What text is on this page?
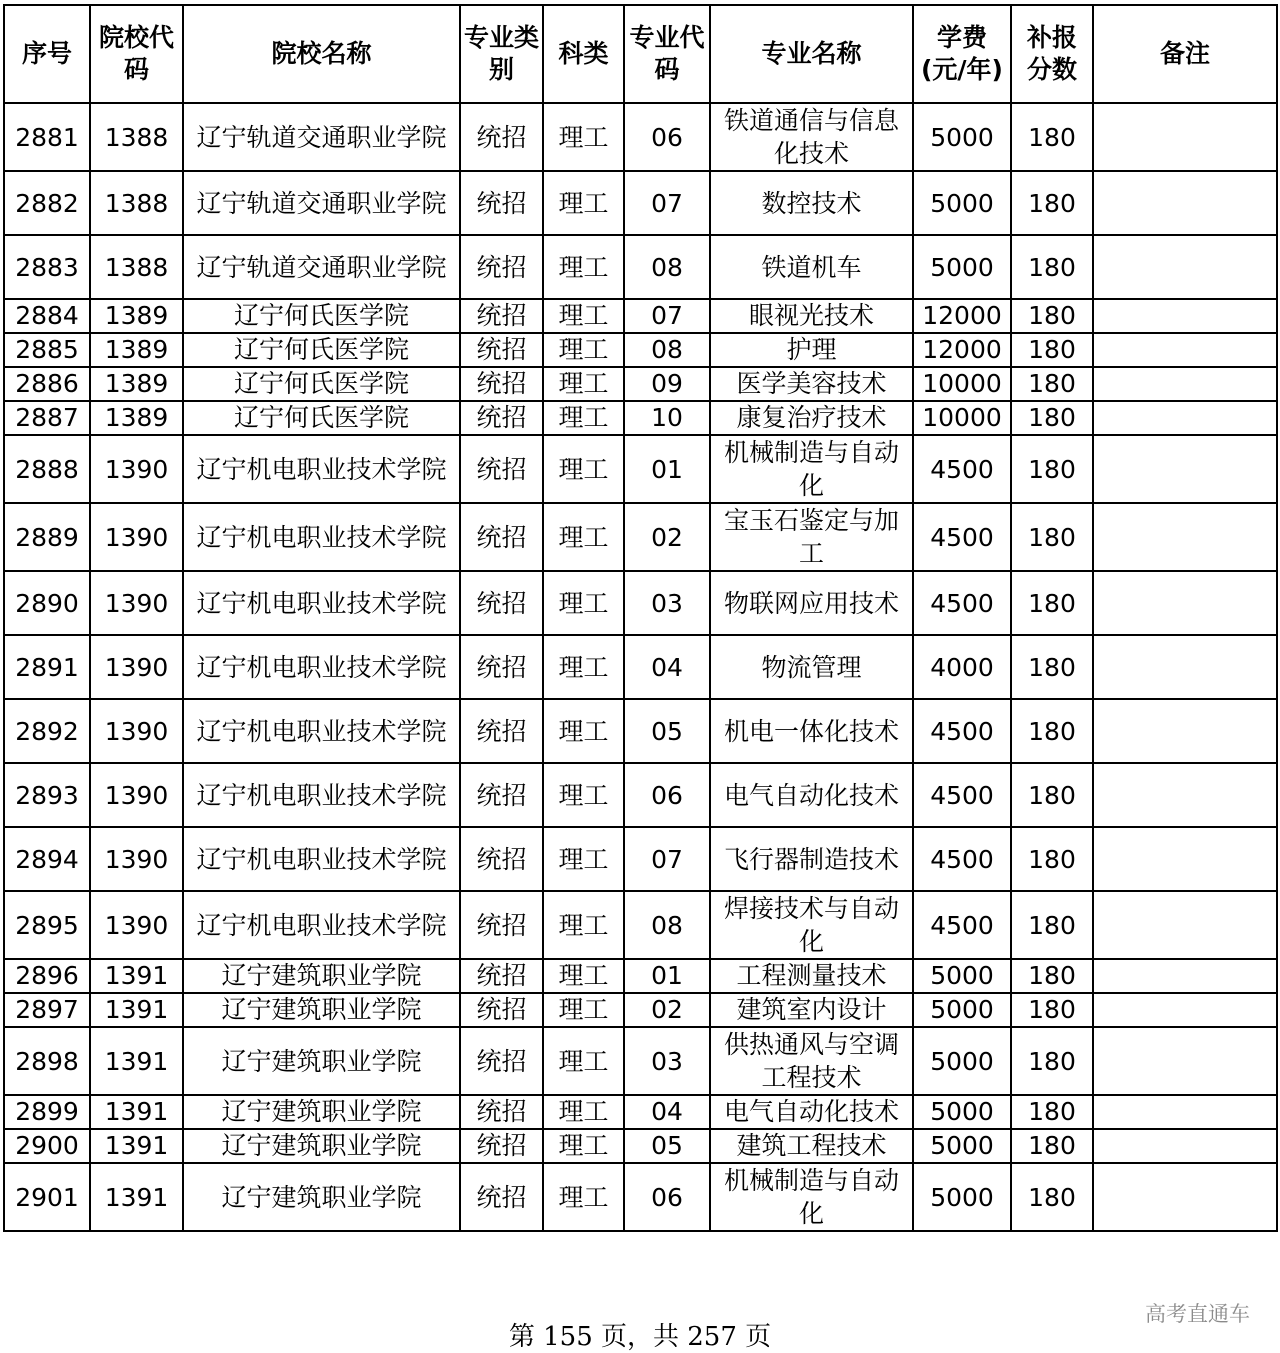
序号	院校代码	院校名称	专业类别	科类	专业代码	专业名称	学费(元/年)	补报分数	备注
2881	1388	辽宁轨道交通职业学院	统招	理工	06	铁道通信与信息化技术	5000	180	
2882	1388	辽宁轨道交通职业学院	统招	理工	07	数控技术	5000	180	
2883	1388	辽宁轨道交通职业学院	统招	理工	08	铁道机车	5000	180	
2884	1389	辽宁何氏医学院	统招	理工	07	眼视光技术	12000	180	
2885	1389	辽宁何氏医学院	统招	理工	08	护理	12000	180	
2886	1389	辽宁何氏医学院	统招	理工	09	医学美容技术	10000	180	
2887	1389	辽宁何氏医学院	统招	理工	10	康复治疗技术	10000	180	
2888	1390	辽宁机电职业技术学院	统招	理工	01	机械制造与自动化	4500	180	
2889	1390	辽宁机电职业技术学院	统招	理工	02	宝玉石鉴定与加工	4500	180	
2890	1390	辽宁机电职业技术学院	统招	理工	03	物联网应用技术	4500	180	
2891	1390	辽宁机电职业技术学院	统招	理工	04	物流管理	4000	180	
2892	1390	辽宁机电职业技术学院	统招	理工	05	机电一体化技术	4500	180	
2893	1390	辽宁机电职业技术学院	统招	理工	06	电气自动化技术	4500	180	
2894	1390	辽宁机电职业技术学院	统招	理工	07	飞行器制造技术	4500	180	
2895	1390	辽宁机电职业技术学院	统招	理工	08	焊接技术与自动化	4500	180	
2896	1391	辽宁建筑职业学院	统招	理工	01	工程测量技术	5000	180	
2897	1391	辽宁建筑职业学院	统招	理工	02	建筑室内设计	5000	180	
2898	1391	辽宁建筑职业学院	统招	理工	03	供热通风与空调工程技术	5000	180	
2899	1391	辽宁建筑职业学院	统招	理工	04	电气自动化技术	5000	180	
2900	1391	辽宁建筑职业学院	统招	理工	05	建筑工程技术	5000	180	
2901	1391	辽宁建筑职业学院	统招	理工	06	机械制造与自动化	5000	180	
第 155 页，共 257 页
高考直通车
